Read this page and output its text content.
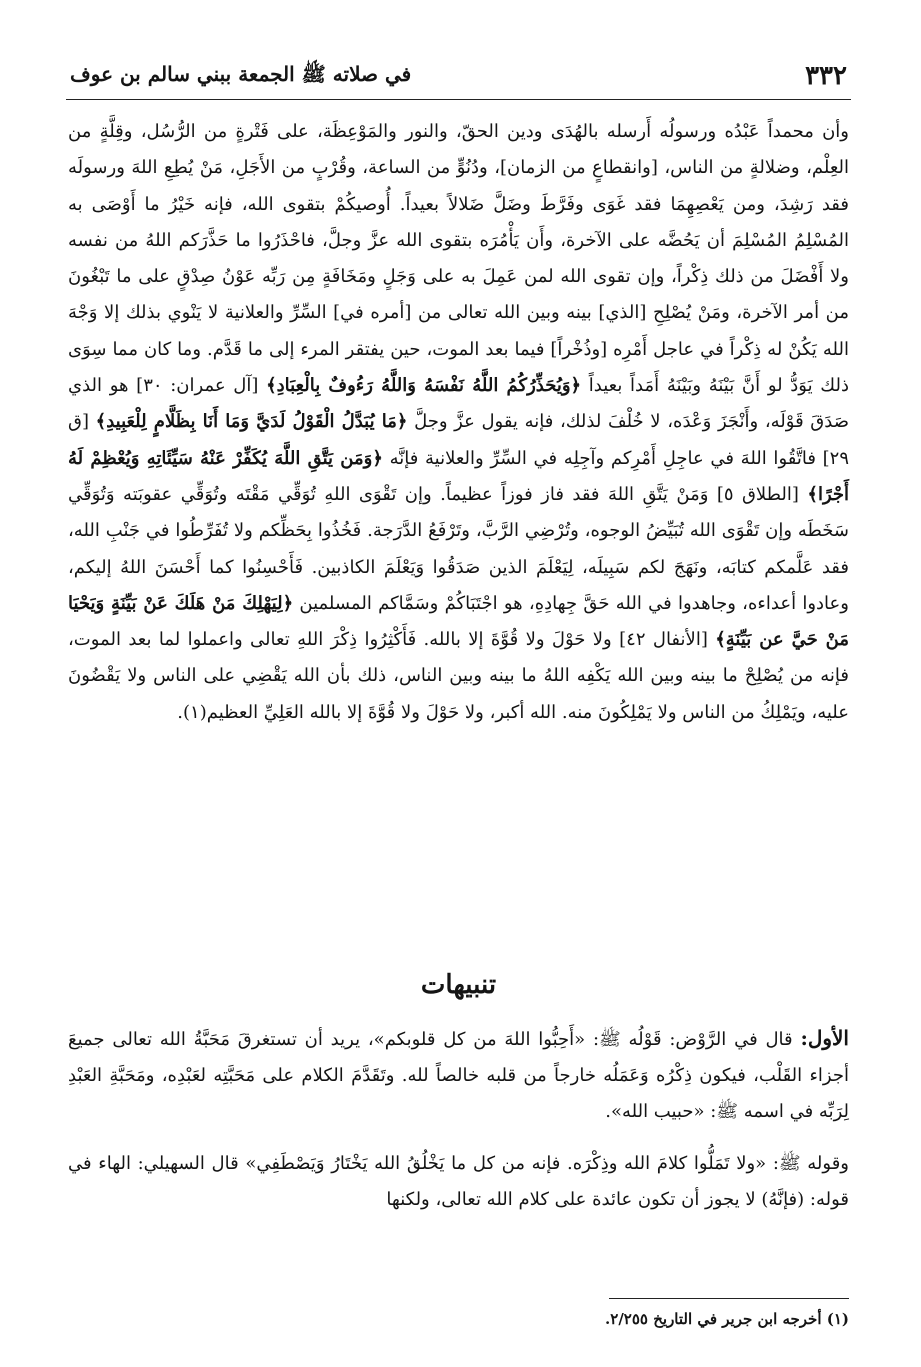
٣٣٢
في صلاته ﷺ الجمعة ببني سالم بن عوف

وأن محمداً عَبْدُه ورسولُه أَرسله بالهُدَى ودين الحقّ، والنور والمَوْعِظَة، على فَتْرةٍ من الرُّسُل، وقِلَّةٍ من العِلْم، وضلالةٍ من الناس، [وانقطاعٍ من الزمان]، ودُنُوٍّ من الساعة، وقُرْبٍ من الأَجَلِ، مَنْ يُطِعِ اللهَ ورسولَه فقد رَشِدَ، ومن يَعْصِهِمَا فقد غَوَى وفَرَّطَ وضَلَّ ضَلالاً بعيداً. أُوصيكُمْ بتقوى الله، فإنه خَيْرُ ما أَوْصَى به المُسْلِمُ المُسْلِمَ أن يَحُضَّه على الآخرة، وأَن يَأْمُرَه بتقوى الله عزَّ وجلَّ، فاحْذَرُوا ما حَذَّرَكم اللهُ من نفسه ولا أَفْضَلَ من ذلك ذِكْراً، وإن تقوى الله لمن عَمِلَ به على وَجَلٍ ومَخَافَةٍ مِن رَبِّه عَوْنُ صِدْقٍ على ما تَبْغُونَ من أمر الآخرة، ومَنْ يُصْلِحِ [الذي] بينه وبين الله تعالى من [أمره في] السِّرِّ والعلانية لا يَنْوي بذلك إلا وَجْهَ الله يَكُنْ له ذِكْراً في عاجل أَمْرِه [وذُخْراً] فيما بعد الموت، حين يفتقر المرء إلى ما قَدَّم. وما كان مما سِوَى ذلك يَوَدُّ لو أَنَّ بَيْنَهُ وبَيْنَهُ أَمَداً بعيداً ﴿وَيُحَذِّرُكُمُ اللَّهُ نَفْسَهُ وَاللَّهُ رَءُوفٌ بِالْعِبَادِ﴾ [آل عمران: ٣٠] هو الذي صَدَقَ قَوْلَه، وأَنْجَزَ وَعْدَه، لا خُلْفَ لذلك، فإنه يقول عزَّ وجلَّ ﴿مَا يُبَدَّلُ الْقَوْلُ لَدَيَّ وَمَا أَنَا بِظَلَّامٍ لِلْعَبِيدِ﴾ [ق ٢٩] فاتَّقُوا اللهَ في عاجِلِ أَمْرِكم وآجِلِه في السِّرِّ والعلانية فإنَّه ﴿وَمَن يَتَّقِ اللَّهَ يُكَفِّرْ عَنْهُ سَيِّئَاتِهِ وَيُعْظِمْ لَهُ أَجْرًا﴾ [الطلاق ٥] وَمَنْ يَتَّقِ اللهَ فقد فاز فوزاً عظيماً. وإن تَقْوَى اللهِ تُوَقِّي مَقْتَه وتُوَقِّي عقوبَته وَتُوَقِّي سَخَطَه وإن تَقْوَى الله تُبَيِّضُ الوجوه، وتُرْضِي الرَّبَّ، وتَرْفَعُ الدَّرَجة. فَخُذُوا بِحَظِّكم ولا تُفَرِّطُوا في جَنْبِ الله، فقد عَلَّمكم كتابَه، ونَهَجَ لكم سَبِيلَه، لِيَعْلَمَ الذين صَدَقُوا وَيَعْلَمَ الكاذبين. فَأَحْسِنُوا كما أَحْسَنَ اللهُ إليكم، وعادوا أعداءه، وجاهدوا في الله حَقَّ جِهادِهِ، هو اجْتَبَاكُمْ وسَمَّاكم المسلمين ﴿لِيَهْلِكَ مَنْ هَلَكَ عَنْ بَيِّنَةٍ وَيَحْيَا مَنْ حَيَّ عن بَيِّنَةٍ﴾ [الأنفال ٤٢] ولا حَوْلَ ولا قُوَّةَ إلا بالله. فَأَكْثِرُوا ذِكْرَ اللهِ تعالى واعملوا لما بعد الموت، فإنه من يُصْلِحْ ما بينه وبين الله يَكْفِه اللهُ ما بينه وبين الناس، ذلك بأن الله يَقْضِي على الناس ولا يَقْضُونَ عليه، ويَمْلِكُ من الناس ولا يَمْلِكُونَ منه. الله أكبر، ولا حَوْلَ ولا قُوَّةَ إلا بالله العَلِيِّ العظيم(١).

تنبيهات

الأول: قال في الرَّوْض: قَوْلُه ﷺ: «أَحِبُّوا اللهَ من كل قلوبكم»، يريد أن تستغرقَ مَحَبَّةُ الله تعالى جميعَ أجزاء القَلْب، فيكون ذِكْرُه وَعَمَلُه خارجاً من قلبه خالصاً لله. وتَقَدَّمَ الكلام على مَحَبَّتِه لعَبْدِه، ومَحَبَّةِ العَبْدِ لِرَبِّه في اسمه ﷺ: «حبيب الله».

وقوله ﷺ: «ولا تَمَلُّوا كلامَ الله وذِكْرَه. فإنه من كل ما يَخْلُقُ الله يَخْتَارُ وَيَصْطَفِي» قال السهيلي: الهاء في قوله: (فإنَّهُ) لا يجوز أن تكون عائدة على كلام الله تعالى، ولكنها

(١) أخرجه ابن جرير في التاريخ ٢/٢٥٥.
